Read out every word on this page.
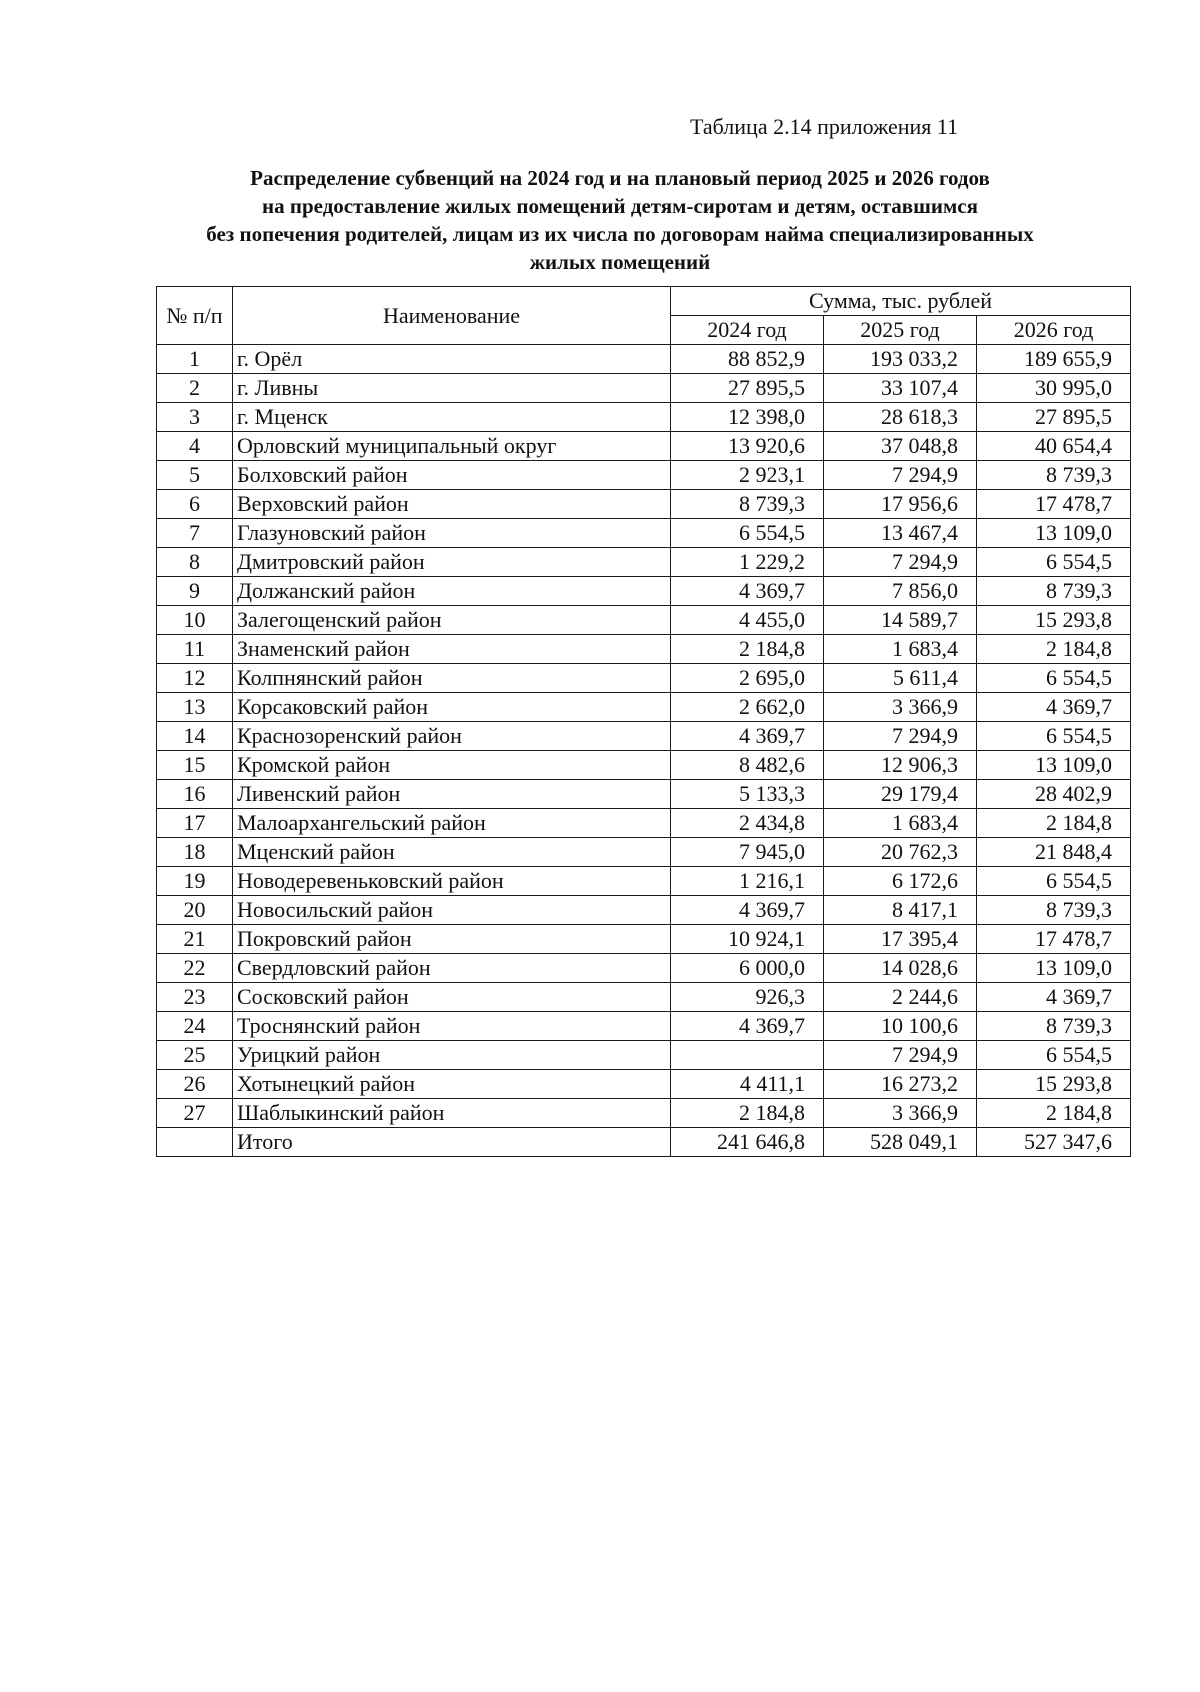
Таблица 2.14 приложения 11
Распределение субвенций на 2024 год и на плановый период 2025 и 2026 годов
на предоставление жилых помещений детям-сиротам и детям, оставшимся
без попечения родителей, лицам из их числа по договорам найма специализированных
жилых помещений
№ п/п	Наименование	Сумма, тыс. рублей		
		2024 год	2025 год	2026 год
1	г. Орёл	88 852,9	193 033,2	189 655,9
2	г. Ливны	27 895,5	33 107,4	30 995,0
3	г. Мценск	12 398,0	28 618,3	27 895,5
4	Орловский муниципальный округ	13 920,6	37 048,8	40 654,4
5	Болховский район	2 923,1	7 294,9	8 739,3
6	Верховский район	8 739,3	17 956,6	17 478,7
7	Глазуновский район	6 554,5	13 467,4	13 109,0
8	Дмитровский район	1 229,2	7 294,9	6 554,5
9	Должанский район	4 369,7	7 856,0	8 739,3
10	Залегощенский район	4 455,0	14 589,7	15 293,8
11	Знаменский район	2 184,8	1 683,4	2 184,8
12	Колпнянский район	2 695,0	5 611,4	6 554,5
13	Корсаковский район	2 662,0	3 366,9	4 369,7
14	Краснозоренский район	4 369,7	7 294,9	6 554,5
15	Кромской район	8 482,6	12 906,3	13 109,0
16	Ливенский район	5 133,3	29 179,4	28 402,9
17	Малоархангельский район	2 434,8	1 683,4	2 184,8
18	Мценский район	7 945,0	20 762,3	21 848,4
19	Новодеревеньковский район	1 216,1	6 172,6	6 554,5
20	Новосильский район	4 369,7	8 417,1	8 739,3
21	Покровский район	10 924,1	17 395,4	17 478,7
22	Свердловский район	6 000,0	14 028,6	13 109,0
23	Сосковский район	926,3	2 244,6	4 369,7
24	Троснянский район	4 369,7	10 100,6	8 739,3
25	Урицкий район		7 294,9	6 554,5
26	Хотынецкий район	4 411,1	16 273,2	15 293,8
27	Шаблыкинский район	2 184,8	3 366,9	2 184,8
	Итого	241 646,8	528 049,1	527 347,6
